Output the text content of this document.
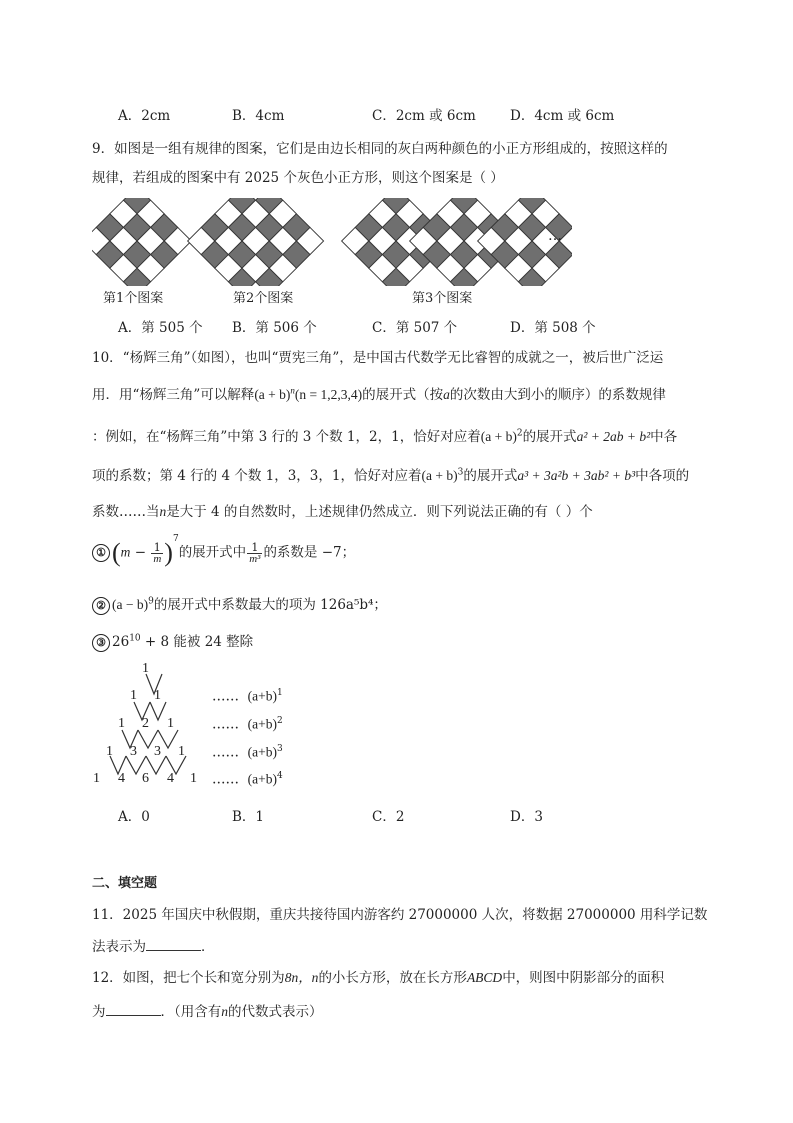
A．2cm	B．4cm	C．2cm 或 6cm	D．4cm 或 6cm
9．如图是一组有规律的图案，它们是由边长相同的灰白两种颜色的小正方形组成的，按照这样的
规律，若组成的图案中有 2025 个灰色小正方形，则这个图案是（ ）
…
第1个图案	第2个图案	第3个图案
A．第 505 个 B．第 506 个	C．第 507 个	D．第 508 个
10．“杨辉三角”（如图），也叫“贾宪三角”，是中国古代数学无比睿智的成就之一，被后世广泛运
用．用“杨辉三角”可以解释$(a + b)^n(n = 1,2,3,4)$的展开式（按a的次数由大到小的顺序）的系数规律
：例如，在“杨辉三角”中第 3 行的 3 个数 1，2，1，恰好对应着$(a + b)^2$的展开式a² + 2ab + b²中各
项的系数；第 4 行的 4 个数 1，3，3，1，恰好对应着$(a + b)^3$的展开式a³ + 3a²b + 3ab² + b³中各项的
系数……当n是大于 4 的自然数时，上述规律仍然成立．则下列说法正确的有（ ）个
① $(m - \frac{1}{m} )^7$的展开式中 $\frac{1}{\text{m³}}$ 的系数是 −7；
② $(a - b)^9$的展开式中系数最大的项为 126a⁵b⁴；
③ $26^{10} + 8$ 能被 24 整除
1
1 1
1 2 1
1 3 3 1
1 4 6 4 1
…… $(a+b)^1$
…… $(a+b)^2$
…… $(a+b)^3$
…… $(a+b)^4$
A．0	B．1	C．2	D．3
二、填空题
11．2025 年国庆中秋假期，重庆共接待国内游客约 27000000 人次，将数据 27000000 用科学记数
法表示为	．
12．如图，把七个长和宽分别为8n，n的小长方形，放在长方形ABCD中，则图中阴影部分的面积
为	．（用含有n的代数式表示）
